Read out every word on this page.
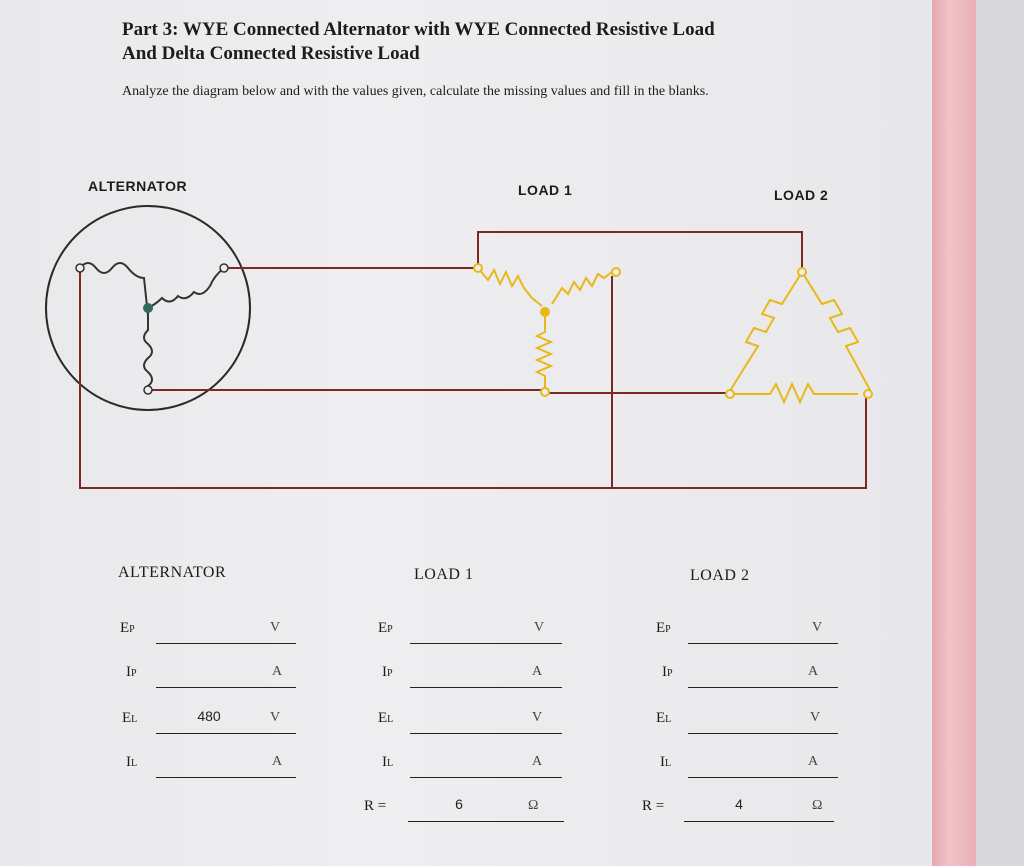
Part 3: WYE Connected Alternator with WYE Connected Resistive Load
And Delta Connected Resistive Load
Analyze the diagram below and with the values given, calculate the missing values and fill in the blanks.
ALTERNATOR	LOAD 1	LOAD 2
ALTERNATOR	LOAD 1	LOAD 2
EP	V
IP	A
EL	480	V
IL	A
EP	V
IP	A
EL	V
IL	A
R =	6	Ω
EP	V
IP	A
EL	V
IL	A
R =	4	Ω
